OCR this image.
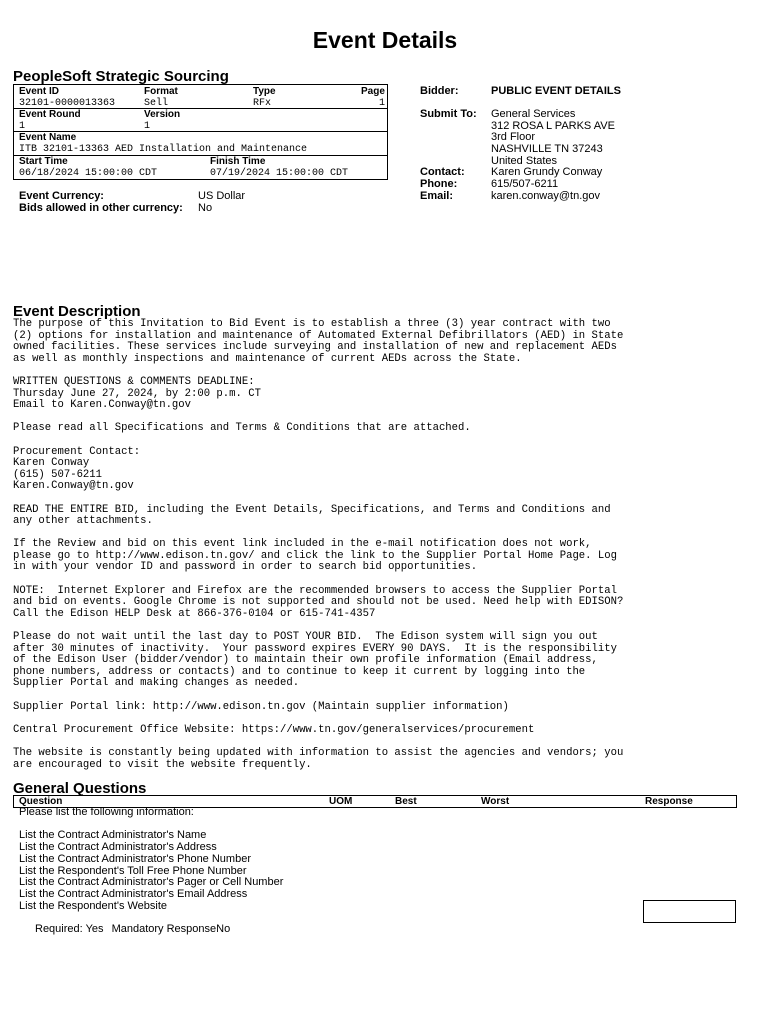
Event Details
PeopleSoft Strategic Sourcing
Event ID	Format	Type	Page
32101-0000013363	Sell	RFx	1
Event Round	Version
1	1
Event Name
ITB 32101-13363 AED Installation and Maintenance
Start Time	Finish Time
06/18/2024 15:00:00 CDT	07/19/2024 15:00:00 CDT
Event Currency:	US Dollar
Bids allowed in other currency: No
Bidder:	PUBLIC EVENT DETAILS
Submit To: General Services
312 ROSA L PARKS AVE
3rd Floor
NASHVILLE TN 37243
United States
Contact: Karen Grundy Conway
Phone:	615/507-6211
Email:	karen.conway@tn.gov
Event Description
The purpose of this Invitation to Bid Event is to establish a three (3) year contract with two
(2) options for installation and maintenance of Automated External Defibrillators (AED) in State
owned facilities. These services include surveying and installation of new and replacement AEDs
as well as monthly inspections and maintenance of current AEDs across the State.

WRITTEN QUESTIONS & COMMENTS DEADLINE:
Thursday June 27, 2024, by 2:00 p.m. CT
Email to Karen.Conway@tn.gov

Please read all Specifications and Terms & Conditions that are attached.

Procurement Contact:
Karen Conway
(615) 507-6211
Karen.Conway@tn.gov

READ THE ENTIRE BID, including the Event Details, Specifications, and Terms and Conditions and
any other attachments.

If the Review and bid on this event link included in the e-mail notification does not work,
please go to http://www.edison.tn.gov/ and click the link to the Supplier Portal Home Page. Log
in with your vendor ID and password in order to search bid opportunities.

NOTE:  Internet Explorer and Firefox are the recommended browsers to access the Supplier Portal
and bid on events. Google Chrome is not supported and should not be used. Need help with EDISON?
Call the Edison HELP Desk at 866-376-0104 or 615-741-4357

Please do not wait until the last day to POST YOUR BID.  The Edison system will sign you out
after 30 minutes of inactivity.  Your password expires EVERY 90 DAYS.  It is the responsibility
of the Edison User (bidder/vendor) to maintain their own profile information (Email address,
phone numbers, address or contacts) and to continue to keep it current by logging into the
Supplier Portal and making changes as needed.

Supplier Portal link: http://www.edison.tn.gov (Maintain supplier information)

Central Procurement Office Website: https://www.tn.gov/generalservices/procurement

The website is constantly being updated with information to assist the agencies and vendors; you
are encouraged to visit the website frequently.
General Questions
Question	UOM	Best	Worst	Response
Please list the following information:

List the Contract Administrator's Name
List the Contract Administrator's Address
List the Contract Administrator's Phone Number
List the Respondent's Toll Free Phone Number
List the Contract Administrator's Pager or Cell Number
List the Contract Administrator's Email Address
List the Respondent's Website
Required: Yes Mandatory ResponseNo
